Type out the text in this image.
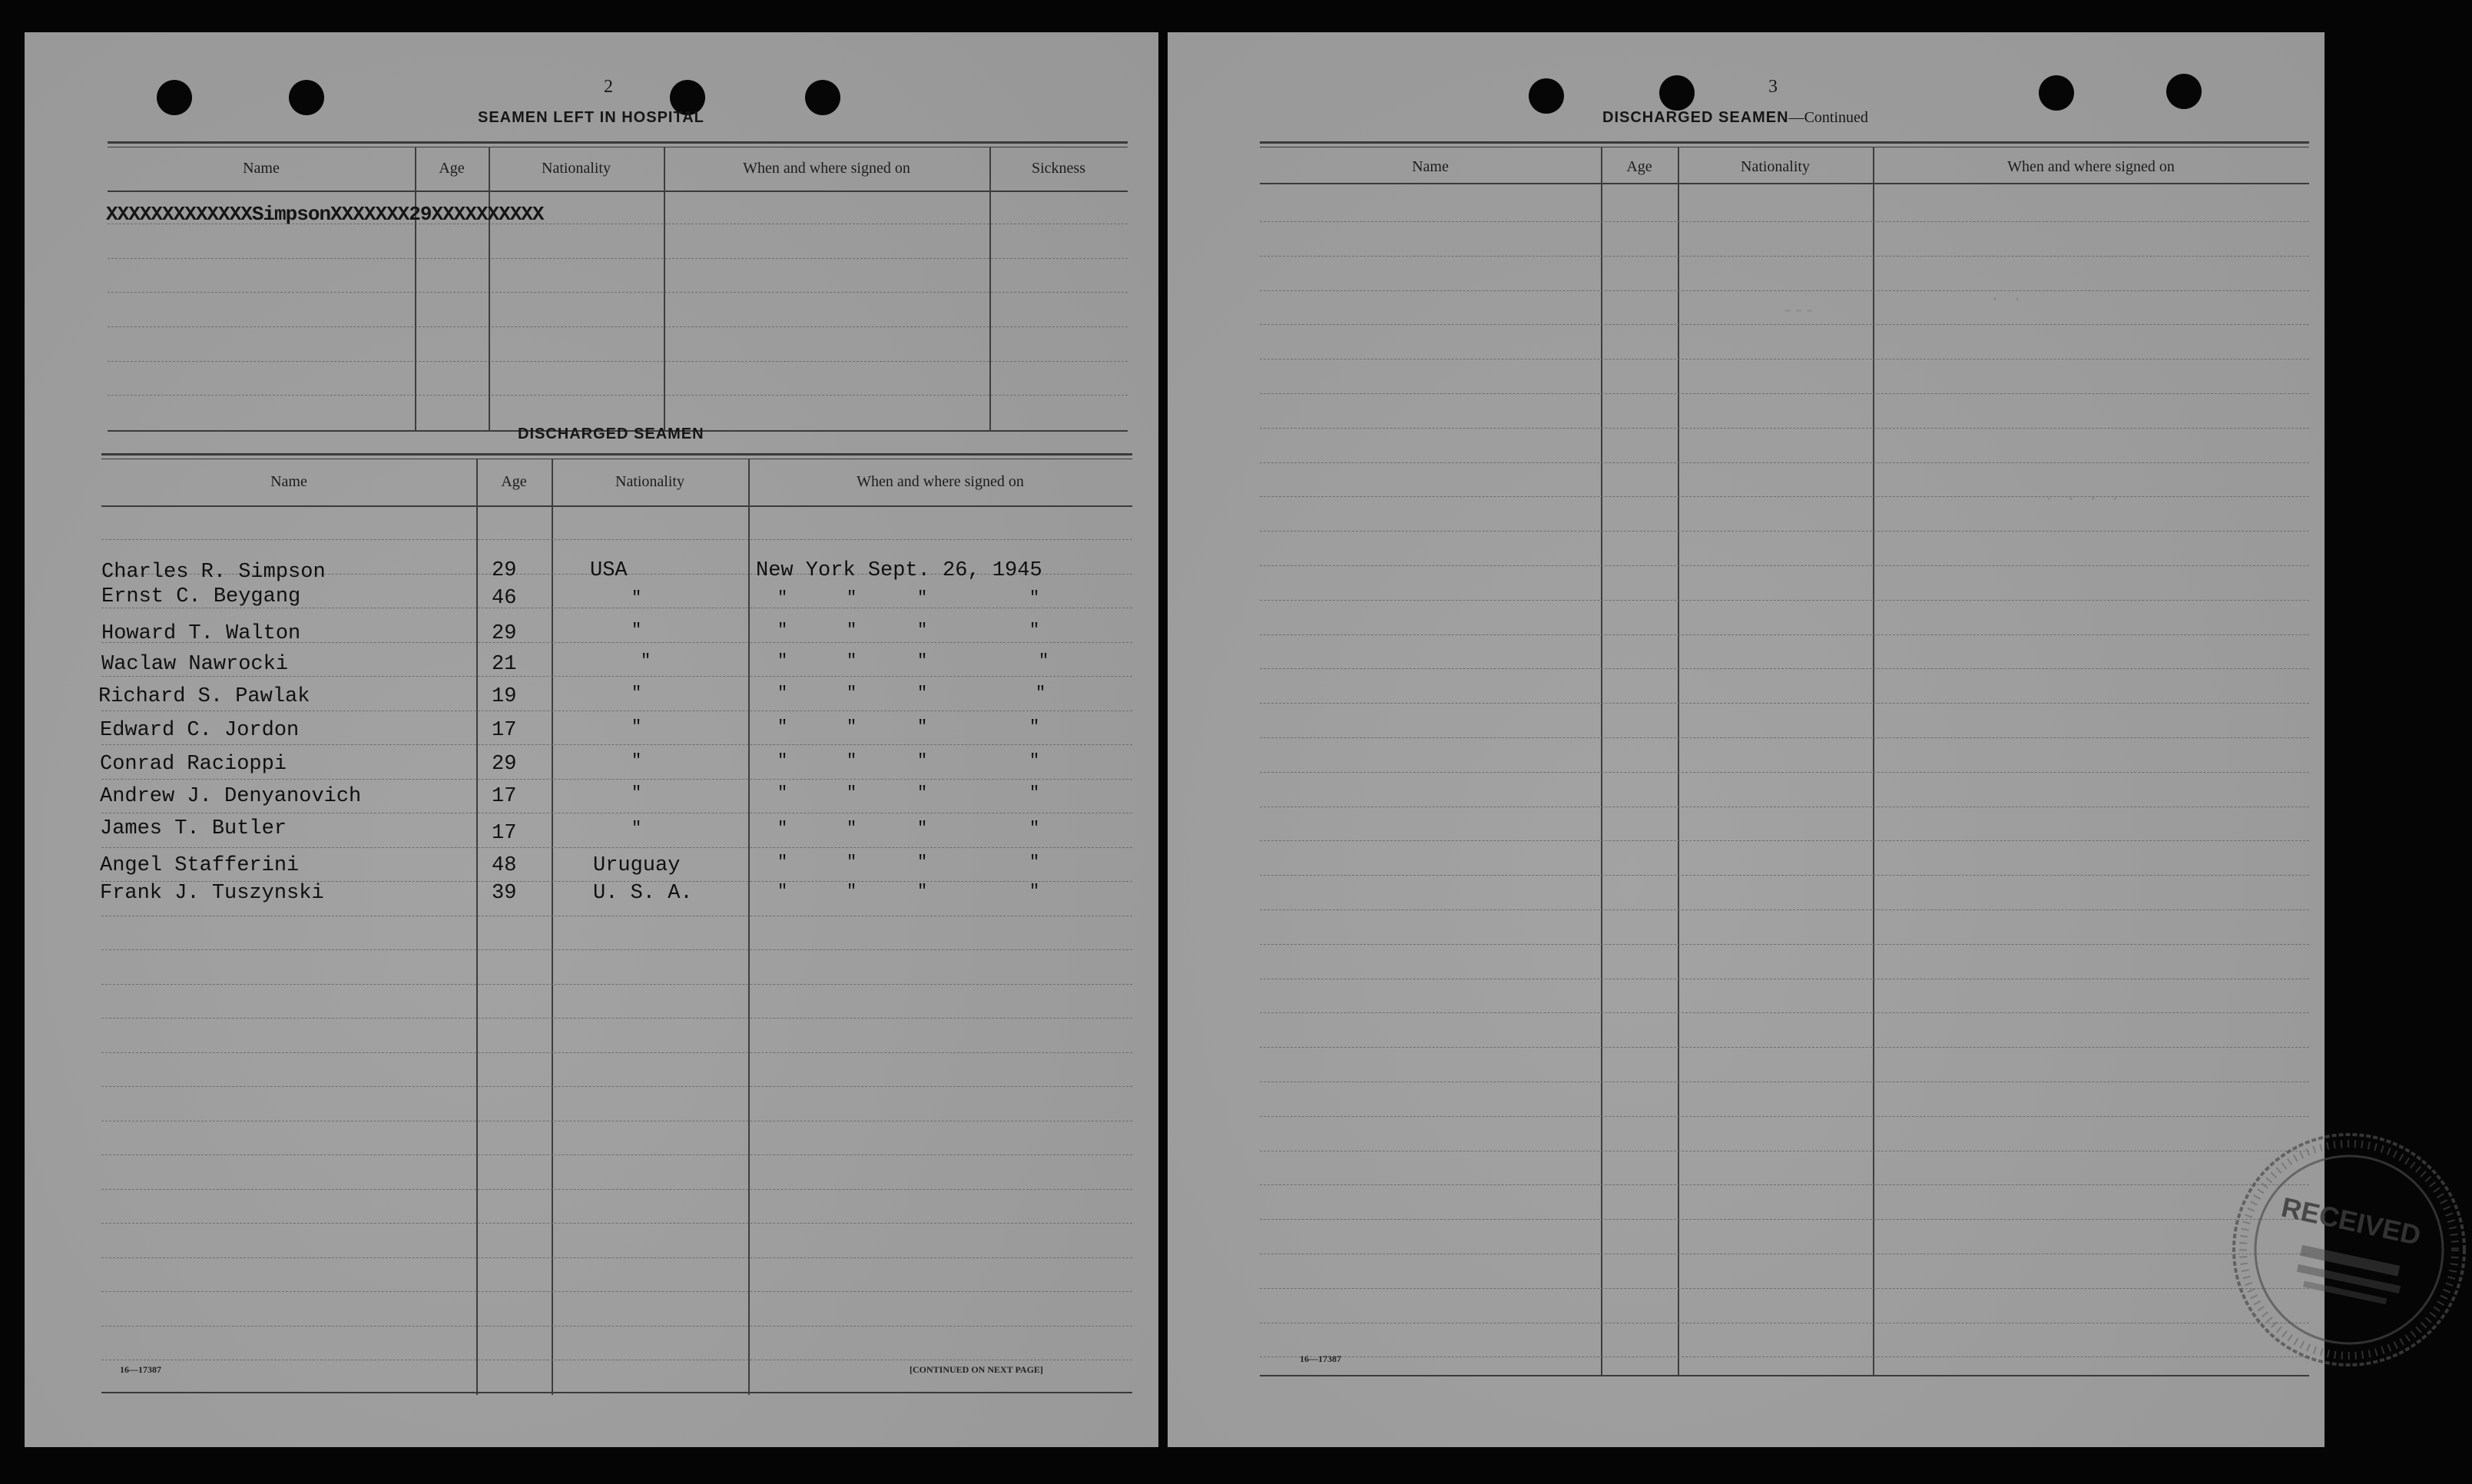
2
SEAMEN LEFT IN HOSPITAL
Name	Age	Nationality	When and where signed on	Sickness
XXXXXXXXXXXXXSimpsonXXXXXXX29XXXXXXXXXX
DISCHARGED SEAMEN
Name	Age	Nationality	When and where signed on
Charles R. Simpson	29	USA	New York Sept. 26, 1945
Ernst C. Beygang	46	"	"	"	"	"
Howard T. Walton	29	"	"	"	"	"
Waclaw Nawrocki	21	"	"	"	"	"
Richard S. Pawlak	19	"	"	"	"	"
Edward C. Jordon	17	"	"	"	"	"
Conrad Racioppi	29	"	"	"	"	"
Andrew J. Denyanovich	17	"	"	"	"	"
James T. Butler	17	"	"	"	"	"
Angel Stafferini	48	Uruguay	"	"	"	"
Frank J. Tuszynski	39	U. S. A.	"	"	"	"
16—17387	[CONTINUED ON NEXT PAGE]
3
DISCHARGED SEAMEN—Continued
---
. .
. . . .
Name	Age	Nationality	When and where signed on
RECEIVED
16—17387
